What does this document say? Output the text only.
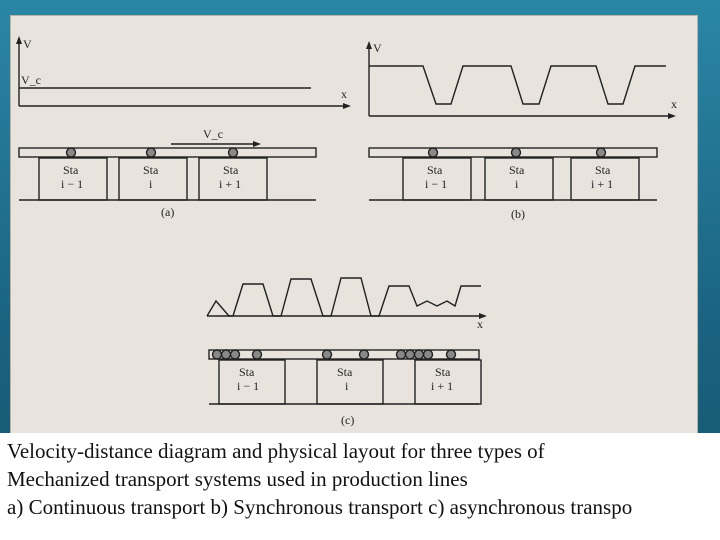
V
x
V_c
V_c
Sta
i − 1
Sta
i
Sta
i + 1
(a)
V
x
Sta
i − 1
Sta
i
Sta
i + 1
(b)
x
Sta
i − 1
Sta
i
Sta
i + 1
(c)
Velocity-distance diagram and physical layout for three types of
Mechanized transport systems used in production lines
a) Continuous transport b) Synchronous transport c) asynchronous transpo
